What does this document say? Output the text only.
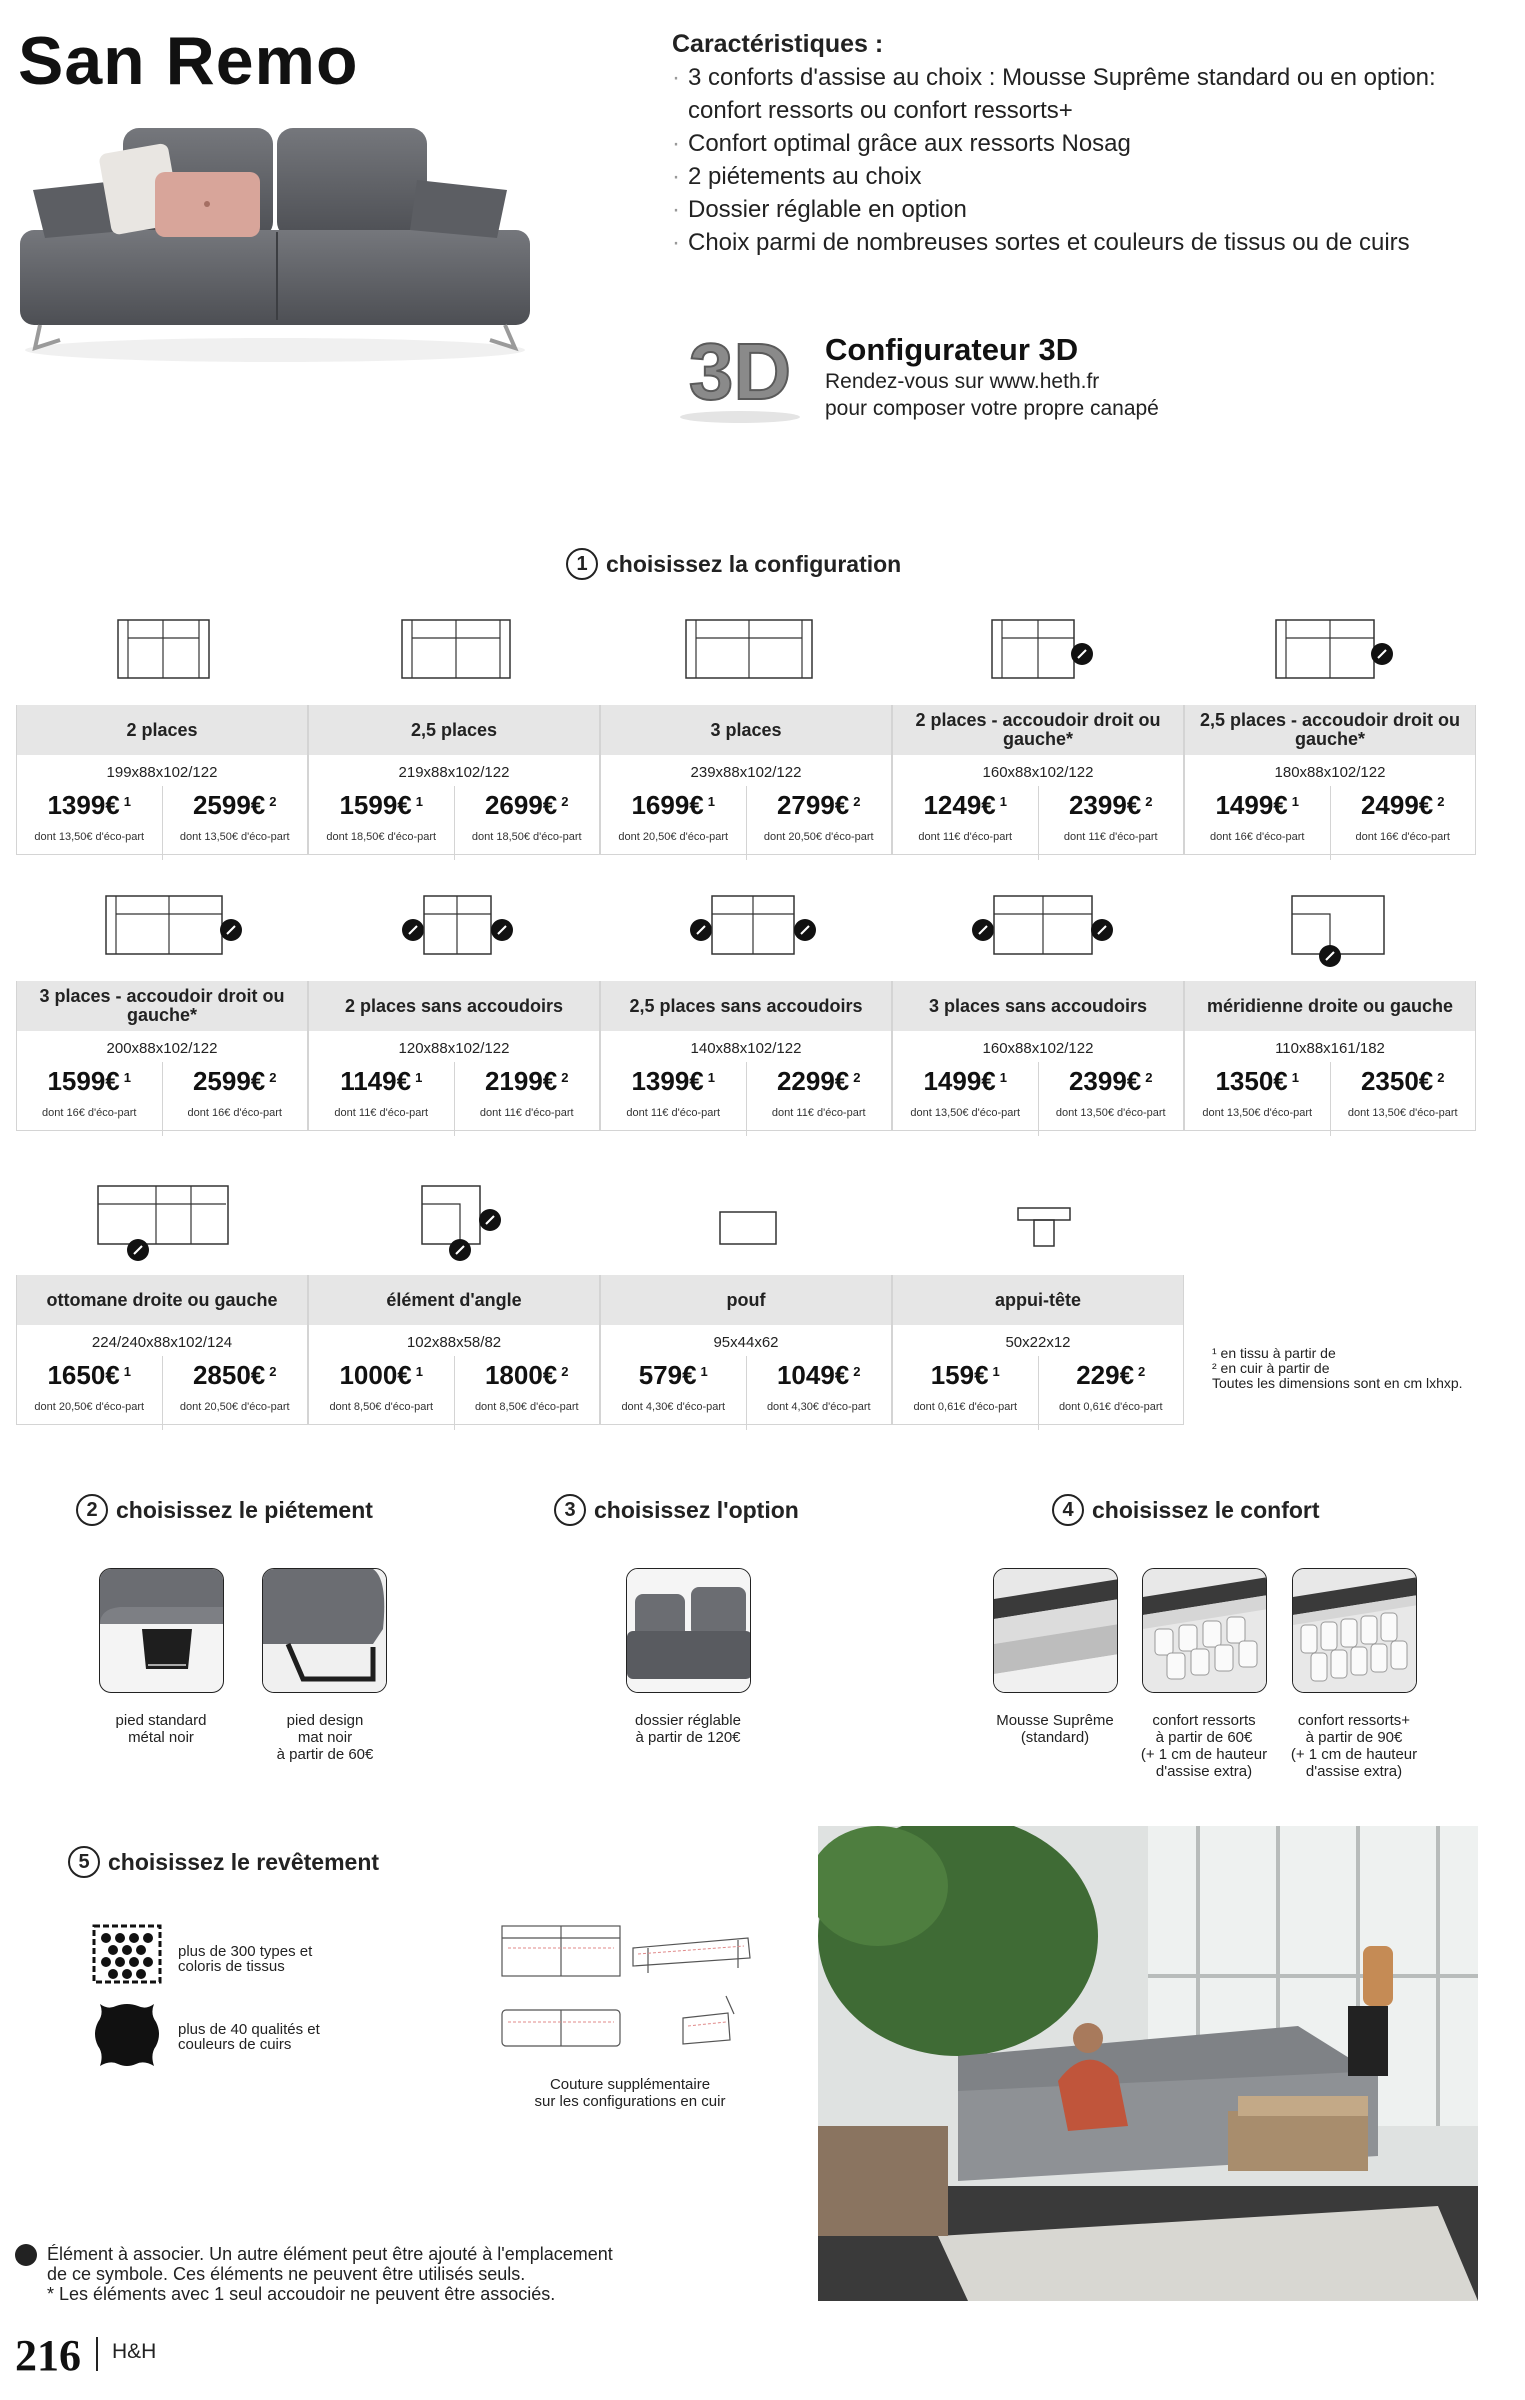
San Remo	Caractéristiques :
· 3 conforts d'assise au choix : Mousse Suprême standard ou en option:
confort ressorts ou confort ressorts+
· Confort optimal grâce aux ressorts Nosag
· 2 piétements au choix
· Dossier réglable en option
· Choix parmi de nombreuses sortes et couleurs de tissus ou de cuirs
3D Configurateur 3D
Rendez-vous sur www.heth.fr
pour composer votre propre canapé
1 choisissez la configuration
2 places
199x88x102/122
1399€ $^1$
dont 13,50€ d'éco-part
2599€ $^2$
dont 13,50€ d'éco-part
2,5 places
219x88x102/122
1599€ $^1$
dont 18,50€ d'éco-part
2699€ $^2$
dont 18,50€ d'éco-part
3 places
239x88x102/122
1699€ $^1$
dont 20,50€ d'éco-part
2799€ $^2$
dont 20,50€ d'éco-part
2 places - accoudoir droit ou gauche*
160x88x102/122
1249€ $^1$
dont 11€ d'éco-part
2399€ $^2$
dont 11€ d'éco-part
2,5 places - accoudoir droit ou gauche*
180x88x102/122
1499€ $^1$
dont 16€ d'éco-part
2499€ $^2$
dont 16€ d'éco-part
3 places - accoudoir droit ou gauche*
200x88x102/122
1599€ $^1$
dont 16€ d'éco-part
2599€ $^2$
dont 16€ d'éco-part
2 places sans accoudoirs
120x88x102/122
1149€ $^1$
dont 11€ d'éco-part
2199€ $^2$
dont 11€ d'éco-part
2,5 places sans accoudoirs
140x88x102/122
1399€ $^1$
dont 11€ d'éco-part
2299€ $^2$
dont 11€ d'éco-part
3 places sans accoudoirs
160x88x102/122
1499€ $^1$
dont 13,50€ d'éco-part
2399€ $^2$
dont 13,50€ d'éco-part
méridienne droite ou gauche
110x88x161/182
1350€ $^1$
dont 13,50€ d'éco-part
2350€ $^2$
dont 13,50€ d'éco-part
ottomane droite ou gauche
224/240x88x102/124
1650€ $^1$
dont 20,50€ d'éco-part
2850€ $^2$
dont 20,50€ d'éco-part
élément d'angle
102x88x58/82
1000€ $^1$
dont 8,50€ d'éco-part
1800€ $^2$
dont 8,50€ d'éco-part
pouf
95x44x62
579€ $^1$
dont 4,30€ d'éco-part
1049€ $^2$
dont 4,30€ d'éco-part
appui-tête
50x22x12
159€ $^1$
dont 0,61€ d'éco-part
229€ $^2$
dont 0,61€ d'éco-part
¹ en tissu à partir de
² en cuir à partir de
Toutes les dimensions sont en cm lxhxp.
2 choisissez le piétement	3 choisissez l'option	4 choisissez le confort
pied standard
métal noir
pied design
mat noir
à partir de 60€
dossier réglable
à partir de 120€
Mousse Suprême
(standard)
confort ressorts
à partir de 60€
(+ 1 cm de hauteur
d'assise extra)
confort ressorts+
à partir de 90€
(+ 1 cm de hauteur
d'assise extra)
5 choisissez le revêtement
plus de 300 types et
coloris de tissus
plus de 40 qualités et
couleurs de cuirs
Couture supplémentaire
sur les configurations en cuir
Élément à associer. Un autre élément peut être ajouté à l'emplacement
de ce symbole. Ces éléments ne peuvent être utilisés seuls.
* Les éléments avec 1 seul accoudoir ne peuvent être associés.
216 H&H
